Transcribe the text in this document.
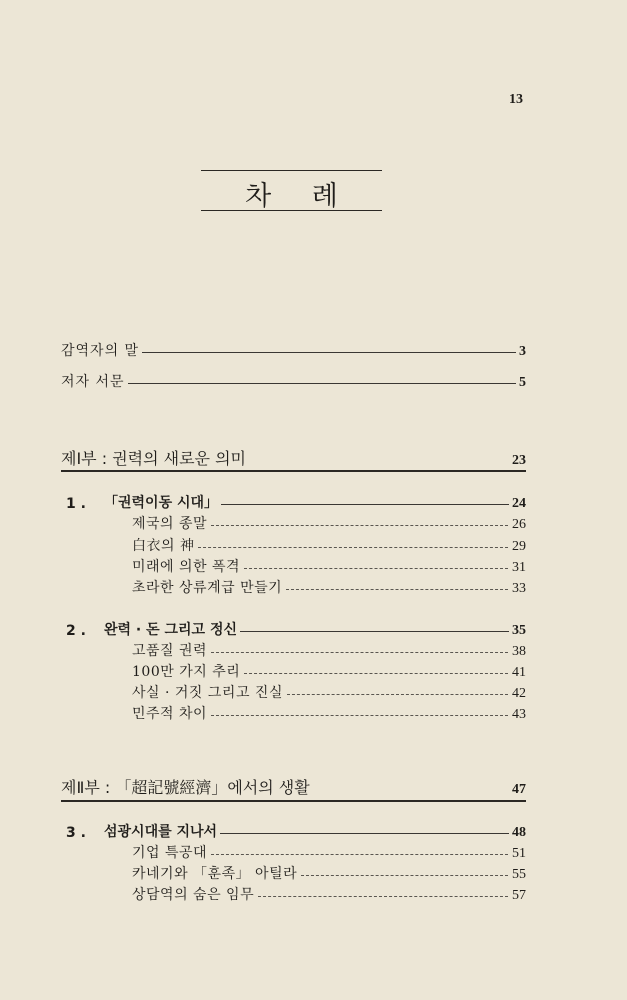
13
차 례
감역자의 말	3
저자 서문	5
제Ⅰ부 : 권력의 새로운 의미	23
1 .	「권력이동 시대」	24
제국의 종말	26
白衣의 神	29
미래에 의한 폭격	31
초라한 상류계급 만들기	33
2 .	완력 · 돈 그리고 정신	35
고품질 권력	38
100만 가지 추리	41
사실 · 거짓 그리고 진실	42
민주적 차이	43
제Ⅱ부 : 「超記號經濟」에서의 생활	47
3 .	섬광시대를 지나서	48
기업 특공대	51
카네기와 「훈족」 아틸라	55
상담역의 숨은 임무	57
